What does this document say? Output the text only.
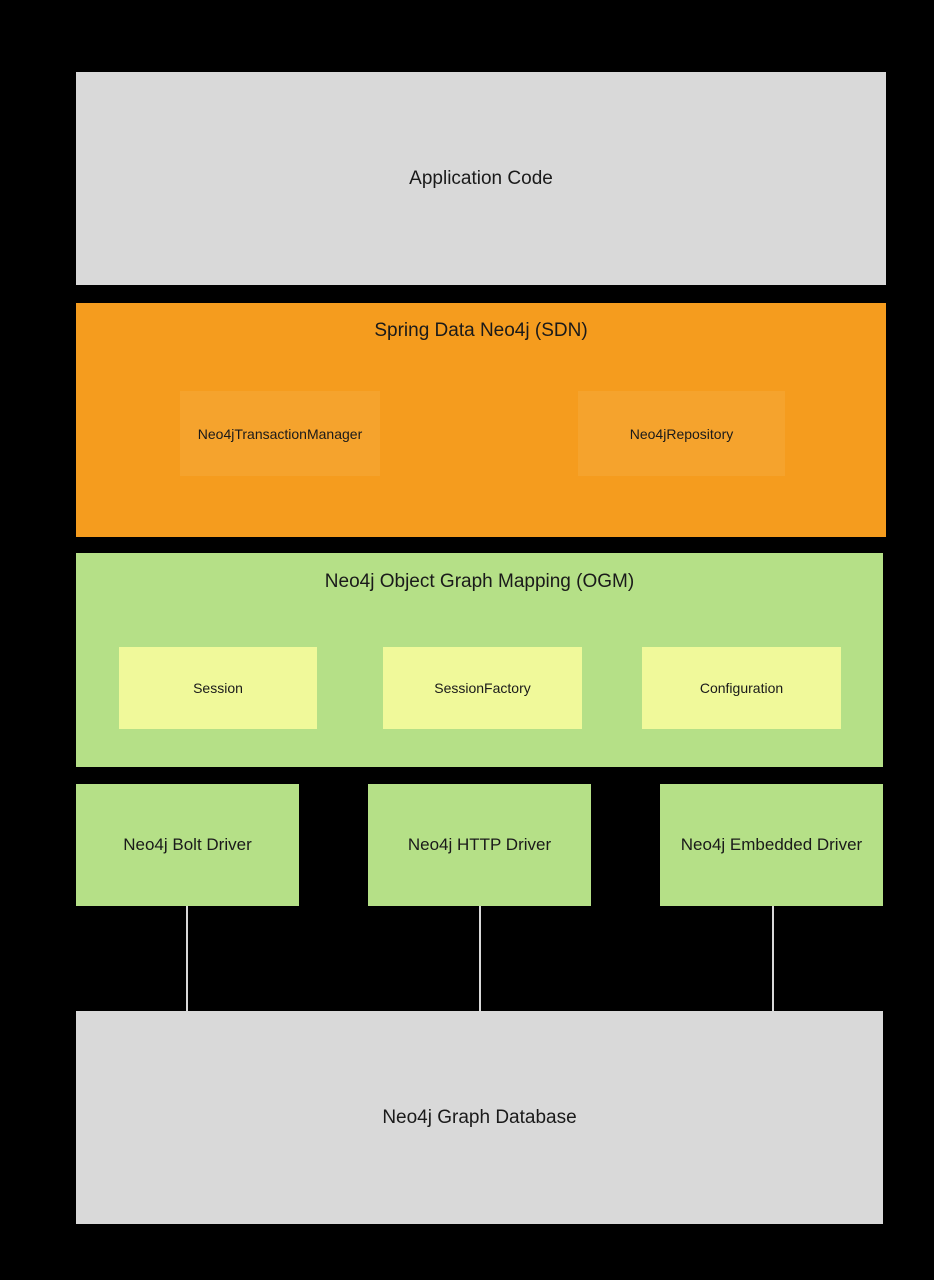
Application Code
Spring Data Neo4j (SDN)
Neo4jTransactionManager	Neo4jRepository
Neo4j Object Graph Mapping (OGM)
Session	SessionFactory	Configuration
Neo4j Bolt Driver	Neo4j HTTP Driver	Neo4j Embedded Driver
Neo4j Graph Database
